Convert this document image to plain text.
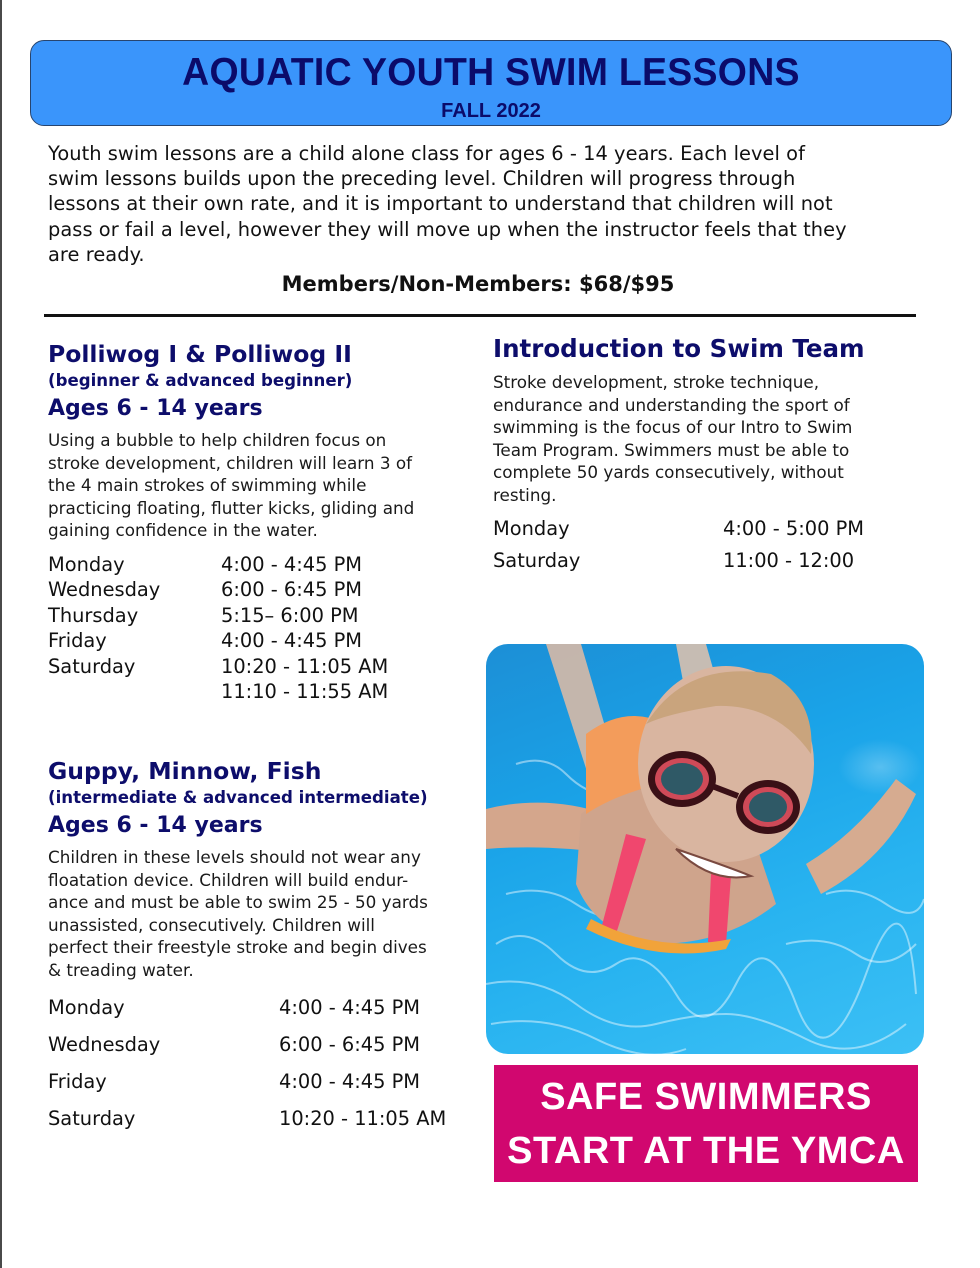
AQUATIC YOUTH SWIM LESSONS
FALL 2022
Youth swim lessons are a child alone class for ages 6 - 14 years. Each level of
swim lessons builds upon the preceding level. Children will progress through
lessons at their own rate, and it is important to understand that children will not
pass or fail a level, however they will move up when the instructor feels that they
are ready.
Members/Non-Members: $68/$95
Polliwog I & Polliwog II
(beginner & advanced beginner)
Ages 6 - 14 years
Using a bubble to help children focus on
stroke development, children will learn 3 of
the 4 main strokes of swimming while
practicing floating, flutter kicks, gliding and
gaining confidence in the water.
Monday	4:00 - 4:45 PM
Wednesday	6:00 - 6:45 PM
Thursday	5:15– 6:00 PM
Friday	4:00 - 4:45 PM
Saturday	10:20 - 11:05 AM
11:10 - 11:55 AM
Guppy, Minnow, Fish
(intermediate & advanced intermediate)
Ages 6 - 14 years
Children in these levels should not wear any
floatation device. Children will build endur-
ance and must be able to swim 25 - 50 yards
unassisted, consecutively. Children will
perfect their freestyle stroke and begin dives
& treading water.
Monday	4:00 - 4:45 PM
Wednesday	6:00 - 6:45 PM
Friday	4:00 - 4:45 PM
Saturday	10:20 - 11:05 AM
Introduction to Swim Team
Stroke development, stroke technique,
endurance and understanding the sport of
swimming is the focus of our Intro to Swim
Team Program. Swimmers must be able to
complete 50 yards consecutively, without
resting.
Monday	4:00 - 5:00 PM
Saturday	11:00 - 12:00
SAFE SWIMMERS
START AT THE YMCA
